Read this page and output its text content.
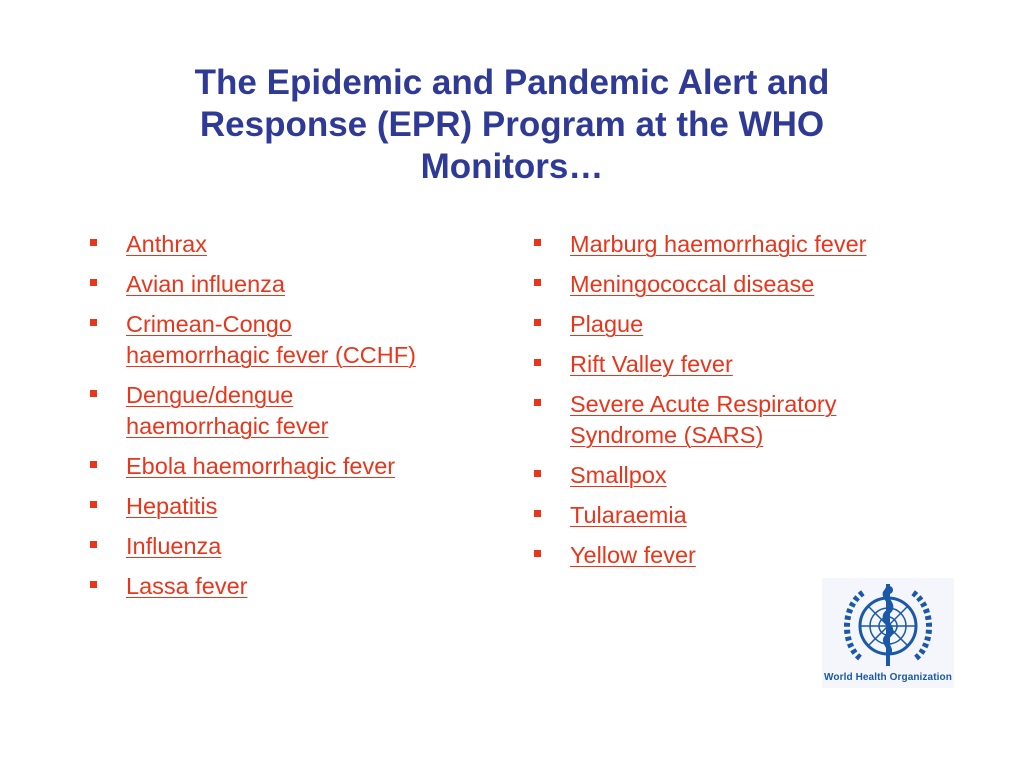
The Epidemic and Pandemic Alert and
Response (EPR) Program at the WHO
Monitors…
Anthrax
Avian influenza
Crimean-Congo
haemorrhagic fever (CCHF)
Dengue/dengue
haemorrhagic fever
Ebola haemorrhagic fever
Hepatitis
Influenza
Lassa fever
Marburg haemorrhagic fever
Meningococcal disease
Plague
Rift Valley fever
Severe Acute Respiratory
Syndrome (SARS)
Smallpox
Tularaemia
Yellow fever
World Health Organization
